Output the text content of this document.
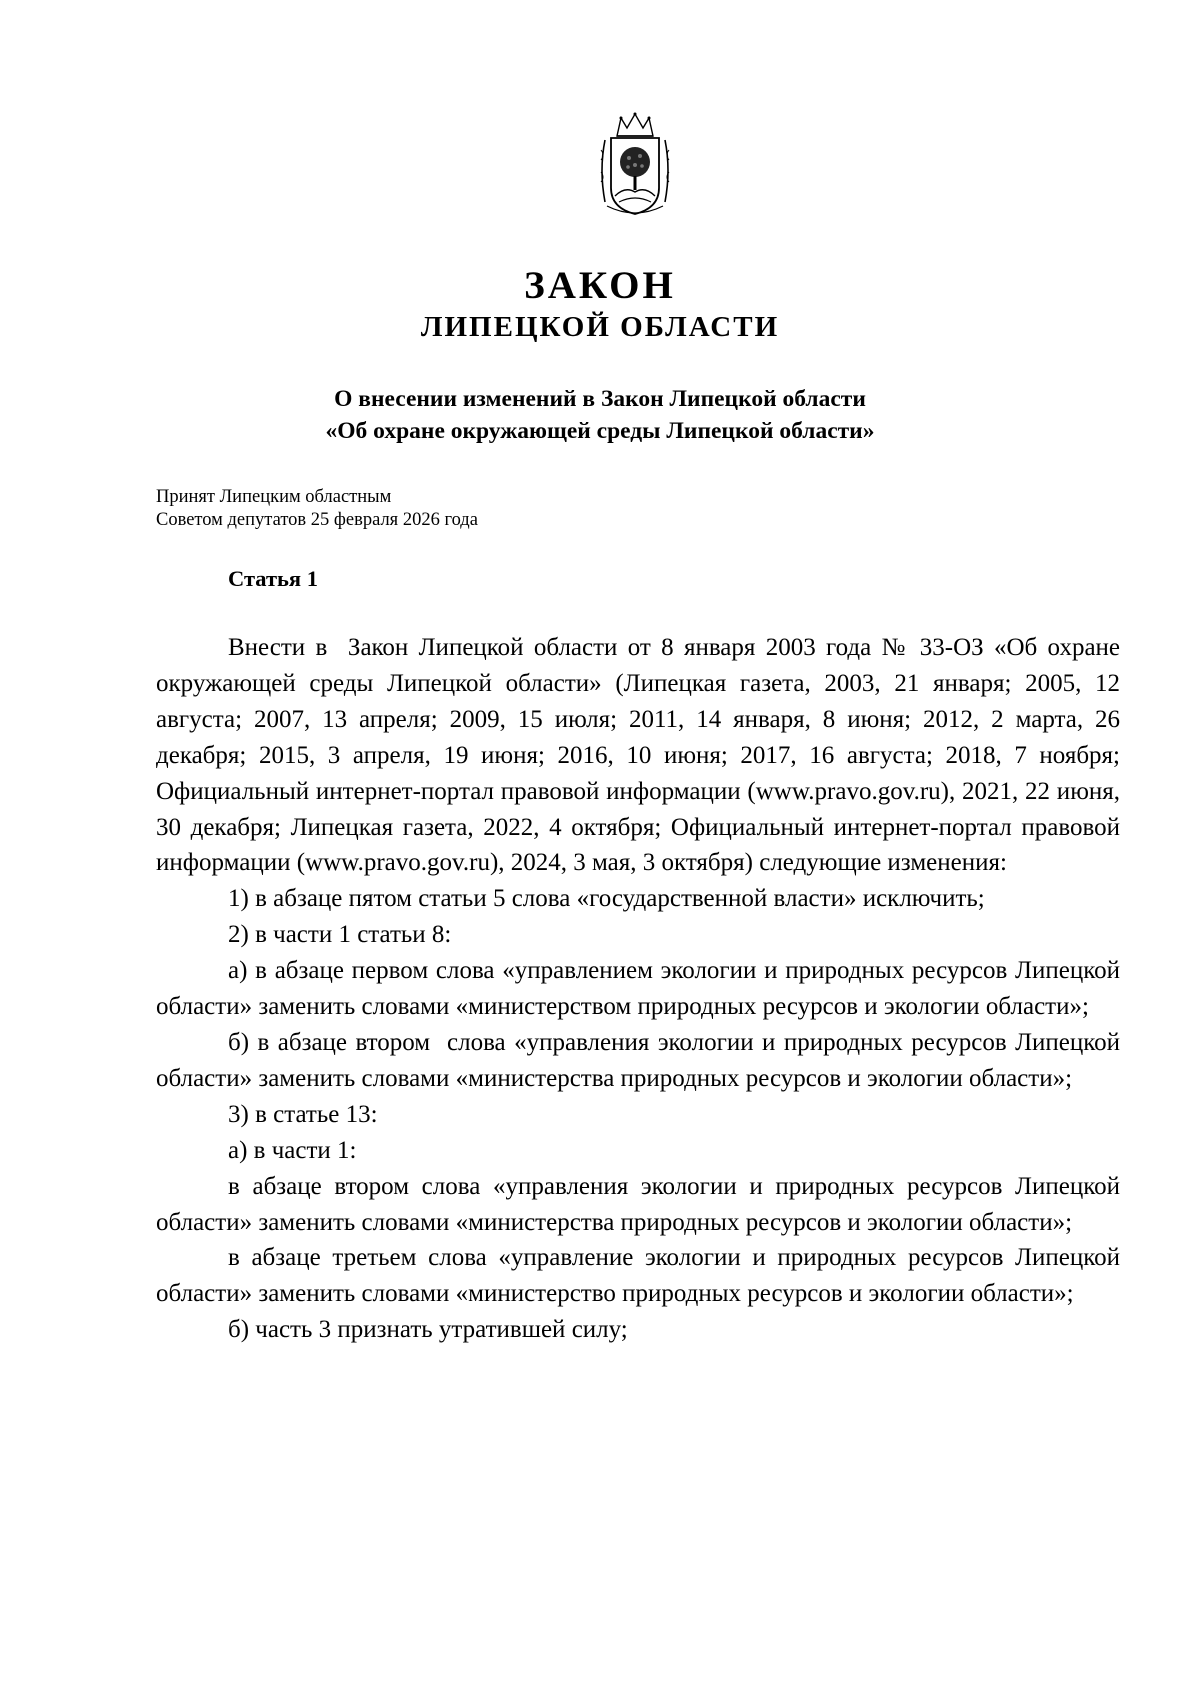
ЗАКОН
ЛИПЕЦКОЙ ОБЛАСТИ
О внесении изменений в Закон Липецкой области
«Об охране окружающей среды Липецкой области»
Принят Липецким областным
Советом депутатов 25 февраля 2026 года
Статья 1

Внести в Закон Липецкой области от 8 января 2003 года № 33-ОЗ «Об охране окружающей среды Липецкой области» (Липецкая газета, 2003, 21 января; 2005, 12 августа; 2007, 13 апреля; 2009, 15 июля; 2011, 14 января, 8 июня; 2012, 2 марта, 26 декабря; 2015, 3 апреля, 19 июня; 2016, 10 июня; 2017, 16 августа; 2018, 7 ноября; Официальный интернет-портал правовой информации (www.pravo.gov.ru), 2021, 22 июня, 30 декабря; Липецкая газета, 2022, 4 октября; Официальный интернет-портал правовой информации (www.pravo.gov.ru), 2024, 3 мая, 3 октября) следующие изменения:

1) в абзаце пятом статьи 5 слова «государственной власти» исключить;

2) в части 1 статьи 8:

а) в абзаце первом слова «управлением экологии и природных ресурсов Липецкой области» заменить словами «министерством природных ресурсов и экологии области»;

б) в абзаце втором слова «управления экологии и природных ресурсов Липецкой области» заменить словами «министерства природных ресурсов и экологии области»;

3) в статье 13:

а) в части 1:

в абзаце втором слова «управления экологии и природных ресурсов Липецкой области» заменить словами «министерства природных ресурсов и экологии области»;

в абзаце третьем слова «управление экологии и природных ресурсов Липецкой области» заменить словами «министерство природных ресурсов и экологии области»;

б) часть 3 признать утратившей силу;
